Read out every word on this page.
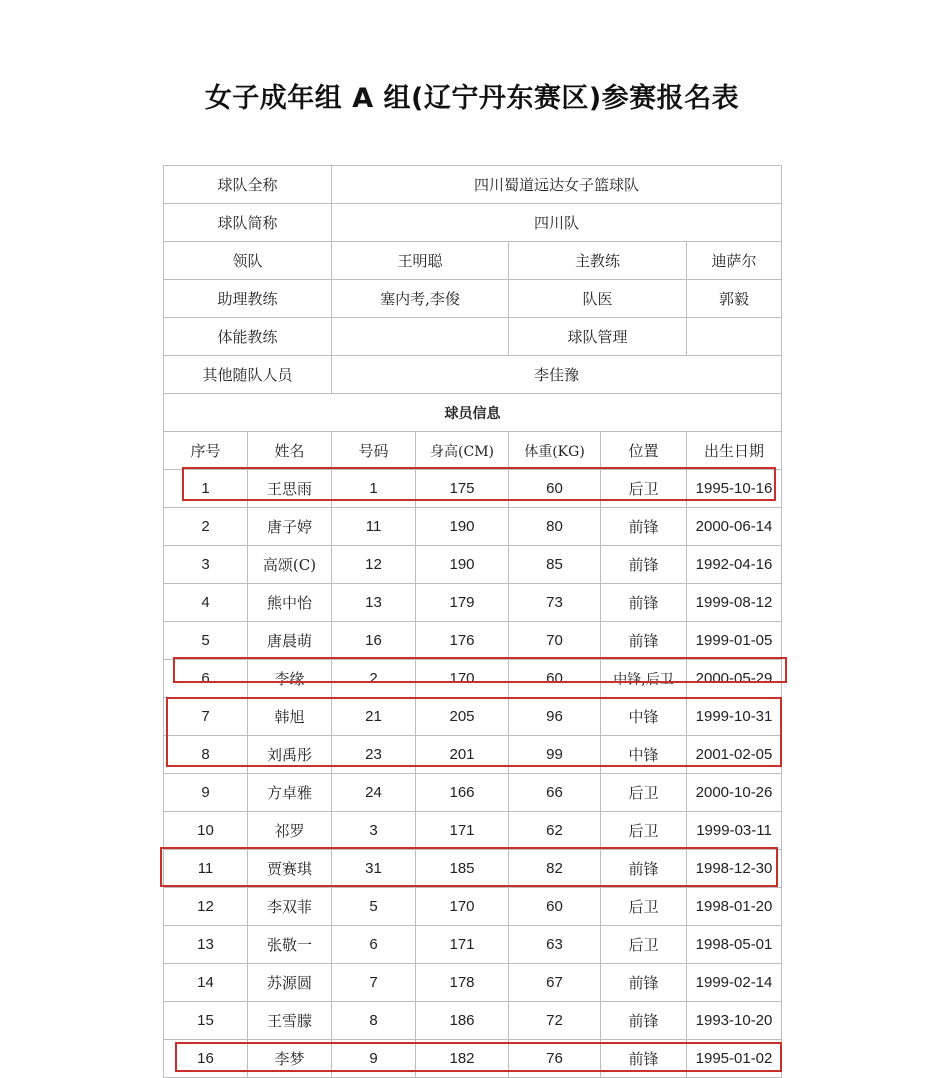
女子成年组 A 组(辽宁丹东赛区)参赛报名表
球队全称		四川蜀道远达女子篮球队				
球队简称		四川队				
领队		王明聪		主教练		迪萨尔
助理教练		塞内考,李俊		队医		郭毅
体能教练				球队管理		
其他随队人员		李佳豫				
球员信息						
序号	姓名	号码	身高(CM)	体重(KG)	位置	出生日期
1	王思雨	1	175	60	后卫	1995-10-16
2	唐子婷	11	190	80	前锋	2000-06-14
3	高颂(C)	12	190	85	前锋	1992-04-16
4	熊中怡	13	179	73	前锋	1999-08-12
5	唐晨萌	16	176	70	前锋	1999-01-05
6	李缘	2	170	60	中锋,后卫	2000-05-29
7	韩旭	21	205	96	中锋	1999-10-31
8	刘禹彤	23	201	99	中锋	2001-02-05
9	方卓雅	24	166	66	后卫	2000-10-26
10	祁罗	3	171	62	后卫	1999-03-11
11	贾赛琪	31	185	82	前锋	1998-12-30
12	李双菲	5	170	60	后卫	1998-01-20
13	张敬一	6	171	63	后卫	1998-05-01
14	苏源圆	7	178	67	前锋	1999-02-14
15	王雪朦	8	186	72	前锋	1993-10-20
16	李梦	9	182	76	前锋	1995-01-02
